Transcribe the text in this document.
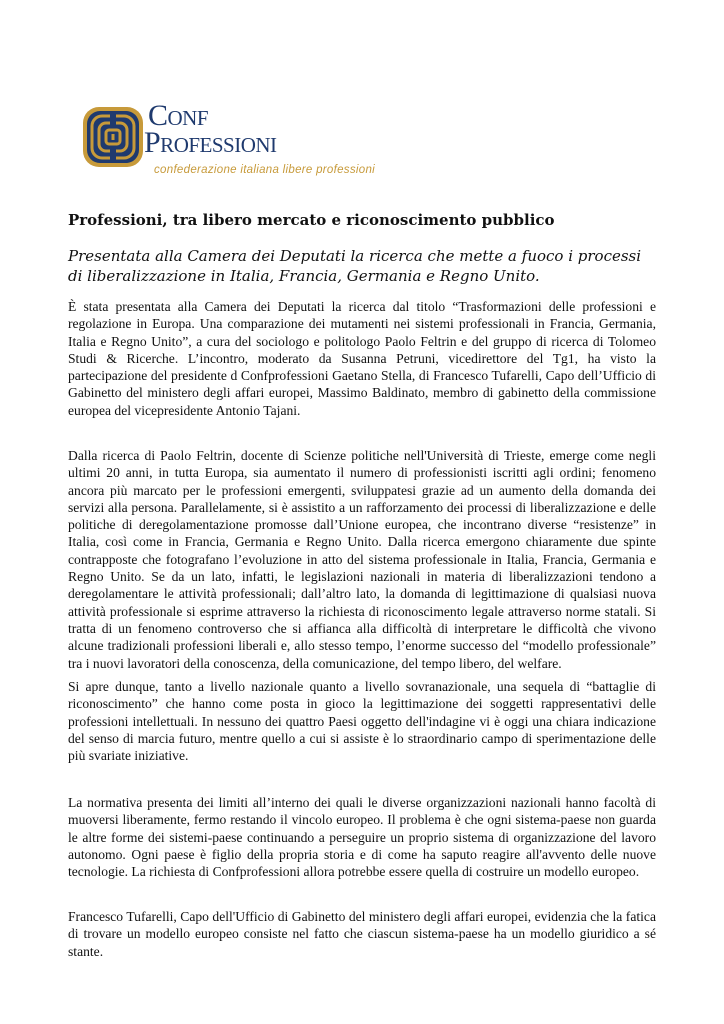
Conf
Professioni
confederazione italiana libere professioni
Professioni, tra libero mercato e riconoscimento pubblico

Presentata alla Camera dei Deputati la ricerca che mette a fuoco i processi di liberalizzazione in Italia, Francia, Germania e Regno Unito.

È stata presentata alla Camera dei Deputati la ricerca dal titolo “Trasformazioni delle professioni e regolazione in Europa. Una comparazione dei mutamenti nei sistemi professionali in Francia, Germania, Italia e Regno Unito”, a cura del sociologo e politologo Paolo Feltrin e del gruppo di ricerca di Tolomeo Studi & Ricerche. L’incontro, moderato da Susanna Petruni, vicedirettore del Tg1, ha visto la partecipazione del presidente d Confprofessioni Gaetano Stella, di Francesco Tufarelli, Capo dell’Ufficio di Gabinetto del ministero degli affari europei, Massimo Baldinato, membro di gabinetto della commissione europea del vicepresidente Antonio Tajani.

Dalla ricerca di Paolo Feltrin, docente di Scienze politiche nell'Università di Trieste, emerge come negli ultimi 20 anni, in tutta Europa, sia aumentato il numero di professionisti iscritti agli ordini; fenomeno ancora più marcato per le professioni emergenti, sviluppatesi grazie ad un aumento della domanda dei servizi alla persona. Parallelamente, si è assistito a un rafforzamento dei processi di liberalizzazione e delle politiche di deregolamentazione promosse dall’Unione europea, che incontrano diverse “resistenze” in Italia, così come in Francia, Germania e Regno Unito. Dalla ricerca emergono chiaramente due spinte contrapposte che fotografano l’evoluzione in atto del sistema professionale in Italia, Francia, Germania e Regno Unito. Se da un lato, infatti, le legislazioni nazionali in materia di liberalizzazioni tendono a deregolamentare le attività professionali; dall’altro lato, la domanda di legittimazione di qualsiasi nuova attività professionale si esprime attraverso la richiesta di riconoscimento legale attraverso norme statali. Si tratta di un fenomeno controverso che si affianca alla difficoltà di interpretare le difficoltà che vivono alcune tradizionali professioni liberali e, allo stesso tempo, l’enorme successo del “modello professionale” tra i nuovi lavoratori della conoscenza, della comunicazione, del tempo libero, del welfare.

Si apre dunque, tanto a livello nazionale quanto a livello sovranazionale, una sequela di “battaglie di riconoscimento” che hanno come posta in gioco la legittimazione dei soggetti rappresentativi delle professioni intellettuali. In nessuno dei quattro Paesi oggetto dell'indagine vi è oggi una chiara indicazione del senso di marcia futuro, mentre quello a cui si assiste è lo straordinario campo di sperimentazione delle più svariate iniziative.

La normativa presenta dei limiti all’interno dei quali le diverse organizzazioni nazionali hanno facoltà di muoversi liberamente, fermo restando il vincolo europeo. Il problema è che ogni sistema-paese non guarda le altre forme dei sistemi-paese continuando a perseguire un proprio sistema di organizzazione del lavoro autonomo. Ogni paese è figlio della propria storia e di come ha saputo reagire all'avvento delle nuove tecnologie. La richiesta di Confprofessioni allora potrebbe essere quella di costruire un modello europeo.

Francesco Tufarelli, Capo dell'Ufficio di Gabinetto del ministero degli affari europei, evidenzia che la fatica di trovare un modello europeo consiste nel fatto che ciascun sistema-paese ha un modello giuridico a sé stante.
